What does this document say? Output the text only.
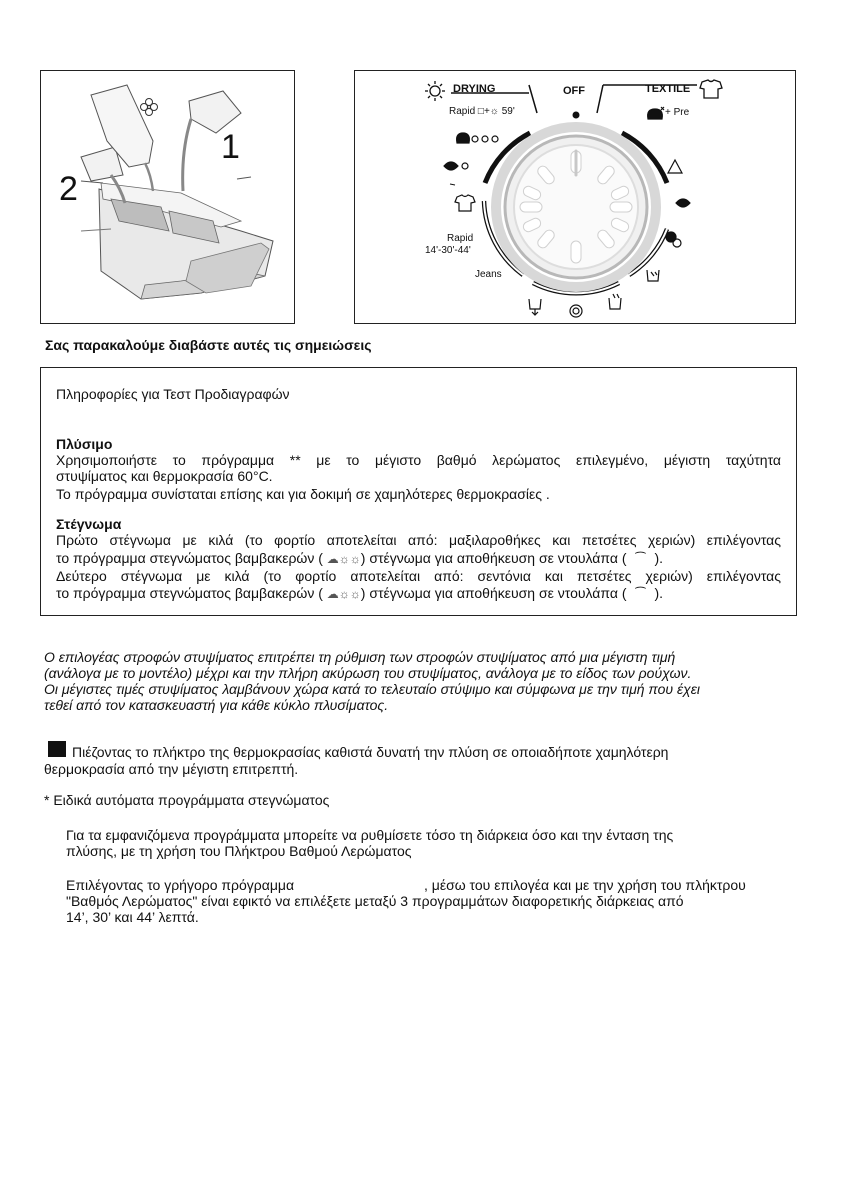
1
2
DRYING	OFF	TEXTILE
Rapid □+☼ 59'	+ Pre
Rapid
14'-30'-44'
Jeans
Σας παρακαλούμε διαβάστε αυτές τις σημειώσεις
Πληροφορίες για Τεστ Προδιαγραφών
Πλύσιμο
Χρησιμοποιήστε το πρόγραμμα ** με το μέγιστο βαθμό λερώματος επιλεγμένο, μέγιστη ταχύτητα
στυψίματος και θερμοκρασία 60°C.
Το πρόγραμμα συνίσταται επίσης και για δοκιμή σε χαμηλότερες θερμοκρασίες .
Στέγνωμα
Πρώτο στέγνωμα με κιλά (το φορτίο αποτελείται από: μαξιλαροθήκες και πετσέτες χεριών) επιλέγοντας
το πρόγραμμα στεγνώματος βαμβακερών ( ☁☼☼) στέγνωμα για αποθήκευση σε ντουλάπα ( ⁀ ).
Δεύτερο στέγνωμα με κιλά (το φορτίο αποτελείται από: σεντόνια και πετσέτες χεριών) επιλέγοντας
το πρόγραμμα στεγνώματος βαμβακερών ( ☁☼☼) στέγνωμα για αποθήκευση σε ντουλάπα ( ⁀ ).
Ο επιλογέας στροφών στυψίματος επιτρέπει τη ρύθμιση των στροφών στυψίματος από μια μέγιστη τιμή
(ανάλογα με το μοντέλο) μέχρι και την πλήρη ακύρωση του στυψίματος, ανάλογα με το είδος των ρούχων.
Οι μέγιστες τιμές στυψίματος λαμβάνουν χώρα κατά το τελευταίο στύψιμο και σύμφωνα με την τιμή που έχει
τεθεί από τον κατασκευαστή για κάθε κύκλο πλυσίματος.
Πιέζοντας το πλήκτρο της θερμοκρασίας καθιστά δυνατή την πλύση σε οποιαδήποτε χαμηλότερη
θερμοκρασία από την μέγιστη επιτρεπτή.
* Ειδικά αυτόματα προγράμματα στεγνώματος
Για τα εμφανιζόμενα προγράμματα μπορείτε να ρυθμίσετε τόσο τη διάρκεια όσο και την ένταση της
πλύσης, με τη χρήση του Πλήκτρου Βαθμού Λερώματος
Επιλέγοντας το γρήγορο πρόγραμμα	, μέσω του επιλογέα και με την χρήση του πλήκτρου
"Βαθμός Λερώματος" είναι εφικτό να επιλέξετε μεταξύ 3 προγραμμάτων διαφορετικής διάρκειας από
14’, 30’ και 44’ λεπτά.
